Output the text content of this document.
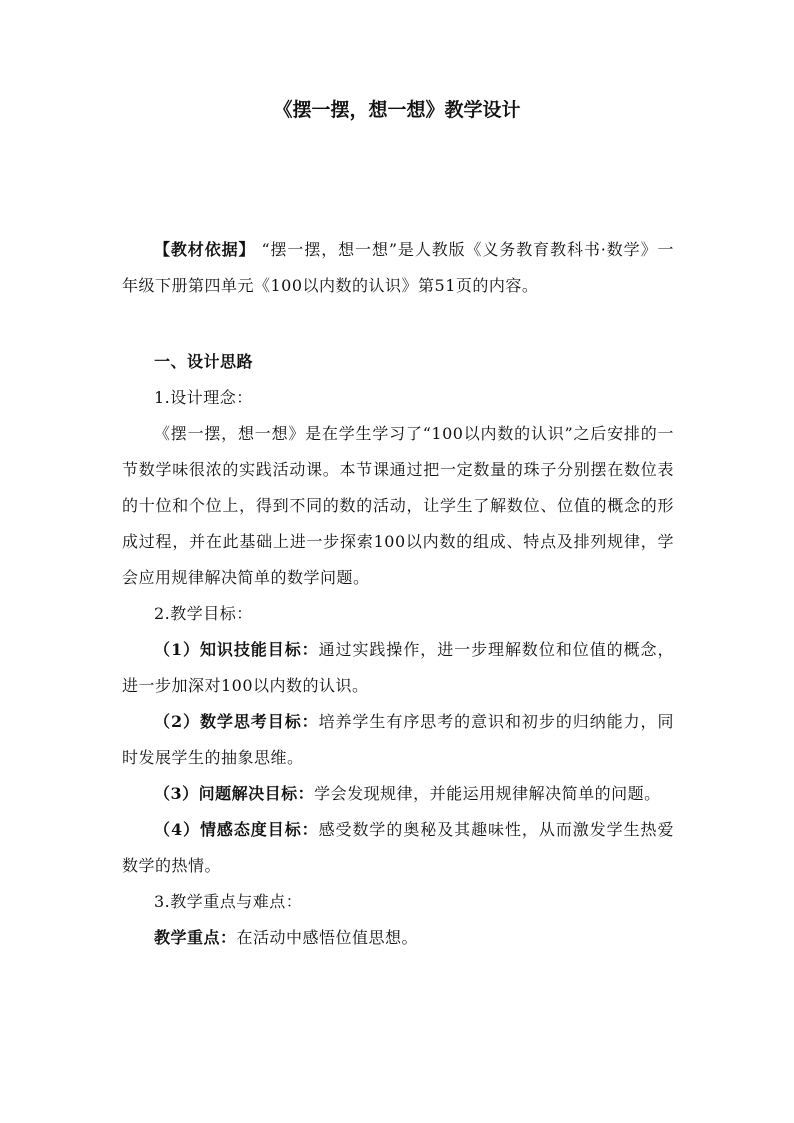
《摆一摆，想一想》教学设计

【教材依据】 “摆一摆，想一想”是人教版《义务教育教科书·数学》一年级下册第四单元《100以内数的认识》第51页的内容。

一、设计思路

1.设计理念：

《摆一摆，想一想》是在学生学习了“100以内数的认识”之后安排的一节数学味很浓的实践活动课。本节课通过把一定数量的珠子分别摆在数位表的十位和个位上，得到不同的数的活动，让学生了解数位、位值的概念的形成过程，并在此基础上进一步探索100以内数的组成、特点及排列规律，学会应用规律解决简单的数学问题。

2.教学目标：

（1）知识技能目标：通过实践操作，进一步理解数位和位值的概念，进一步加深对100以内数的认识。

（2）数学思考目标：培养学生有序思考的意识和初步的归纳能力，同时发展学生的抽象思维。

（3）问题解决目标：学会发现规律，并能运用规律解决简单的问题。

（4）情感态度目标：感受数学的奥秘及其趣味性，从而激发学生热爱数学的热情。

3.教学重点与难点：

教学重点：在活动中感悟位值思想。
